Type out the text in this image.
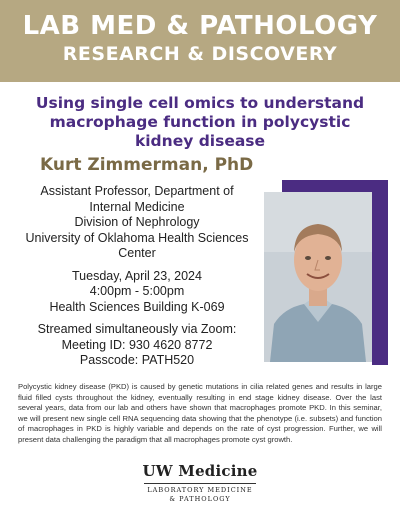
LAB MED & PATHOLOGY
RESEARCH & DISCOVERY
Using single cell omics to understand macrophage function in polycystic kidney disease
Kurt Zimmerman, PhD
Assistant Professor, Department of Internal Medicine
Division of Nephrology
University of Oklahoma Health Sciences Center
Tuesday, April 23, 2024
4:00pm - 5:00pm
Health Sciences Building K-069
Streamed simultaneously via Zoom:
Meeting ID: 930 4620 8772
Passcode: PATH520
Polycystic kidney disease (PKD) is caused by genetic mutations in cilia related genes and results in large fluid filled cysts throughout the kidney, eventually resulting in end stage kidney disease. Over the last several years, data from our lab and others have shown that macrophages promote PKD. In this seminar, we will present new single cell RNA sequencing data showing that the phenotype (i.e. subsets) and function of macrophages in PKD is highly variable and depends on the rate of cyst progression. Further, we will present data challenging the paradigm that all macrophages promote cyst growth.
UW Medicine
LABORATORY MEDICINE
& PATHOLOGY
